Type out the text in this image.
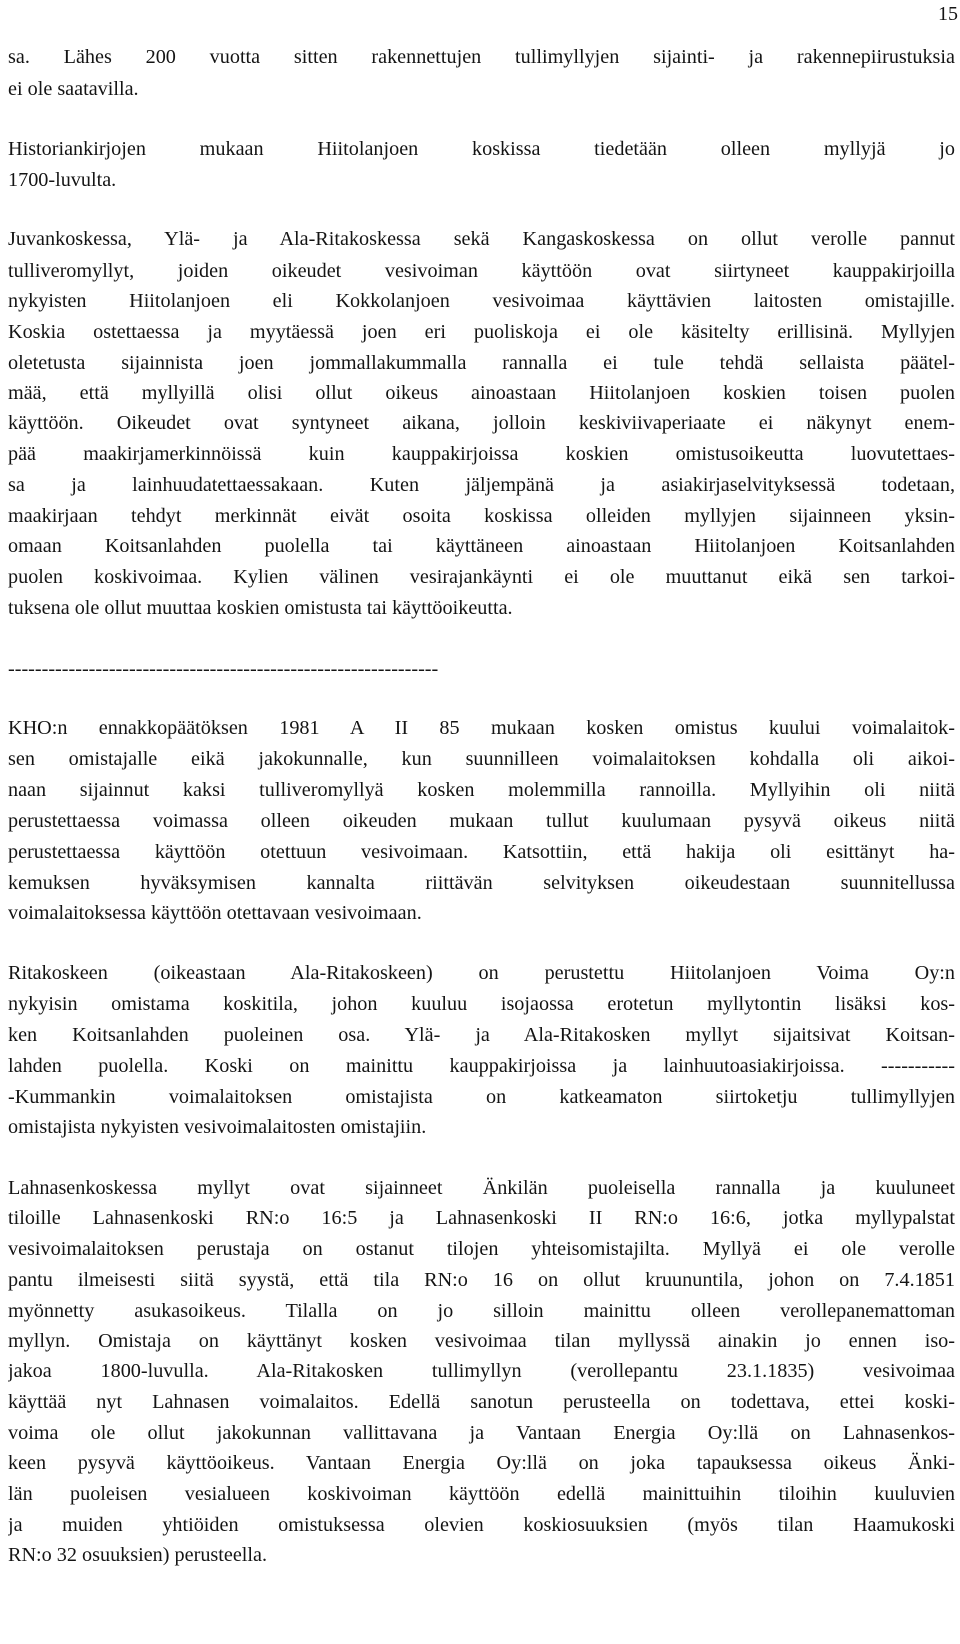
15
sa. Lähes 200 vuotta sitten rakennettujen tullimyllyjen sijainti- ja rakennepiirustuksia
ei ole saatavilla.
Historiankirjojen mukaan Hiitolanjoen koskissa tiedetään olleen myllyjä jo
1700-luvulta.
Juvankoskessa, Ylä- ja Ala-Ritakoskessa sekä Kangaskoskessa on ollut verolle pannut
tulliveromyllyt, joiden oikeudet vesivoiman käyttöön ovat siirtyneet kauppakirjoilla
nykyisten Hiitolanjoen eli Kokkolanjoen vesivoimaa käyttävien laitosten omistajille.
Koskia ostettaessa ja myytäessä joen eri puoliskoja ei ole käsitelty erillisinä. Myllyjen
oletetusta sijainnista joen jommallakummalla rannalla ei tule tehdä sellaista päätel-
mää, että myllyillä olisi ollut oikeus ainoastaan Hiitolanjoen koskien toisen puolen
käyttöön. Oikeudet ovat syntyneet aikana, jolloin keskiviivaperiaate ei näkynyt enem-
pää maakirjamerkinnöissä kuin kauppakirjoissa koskien omistusoikeutta luovutettaes-
sa ja lainhuudatettaessakaan. Kuten jäljempänä ja asiakirjaselvityksessä todetaan,
maakirjaan tehdyt merkinnät eivät osoita koskissa olleiden myllyjen sijainneen yksin-
omaan Koitsanlahden puolella tai käyttäneen ainoastaan Hiitolanjoen Koitsanlahden
puolen koskivoimaa. Kylien välinen vesirajankäynti ei ole muuttanut eikä sen tarkoi-
tuksena ole ollut muuttaa koskien omistusta tai käyttöoikeutta.
----------------------------------------------------------------
KHO:n ennakkopäätöksen 1981 A II 85 mukaan kosken omistus kuului voimalaitok-
sen omistajalle eikä jakokunnalle, kun suunnilleen voimalaitoksen kohdalla oli aikoi-
naan sijainnut kaksi tulliveromyllyä kosken molemmilla rannoilla. Myllyihin oli niitä
perustettaessa voimassa olleen oikeuden mukaan tullut kuulumaan pysyvä oikeus niitä
perustettaessa käyttöön otettuun vesivoimaan. Katsottiin, että hakija oli esittänyt ha-
kemuksen hyväksymisen kannalta riittävän selvityksen oikeudestaan suunnitellussa
voimalaitoksessa käyttöön otettavaan vesivoimaan.
Ritakoskeen (oikeastaan Ala-Ritakoskeen) on perustettu Hiitolanjoen Voima Oy:n
nykyisin omistama koskitila, johon kuuluu isojaossa erotetun myllytontin lisäksi kos-
ken Koitsanlahden puoleinen osa. Ylä- ja Ala-Ritakosken myllyt sijaitsivat Koitsan-
lahden puolella. Koski on mainittu kauppakirjoissa ja lainhuutoasiakirjoissa. -----------
-Kummankin voimalaitoksen omistajista on katkeamaton siirtoketju tullimyllyjen
omistajista nykyisten vesivoimalaitosten omistajiin.
Lahnasenkoskessa myllyt ovat sijainneet Änkilän puoleisella rannalla ja kuuluneet
tiloille Lahnasenkoski RN:o 16:5 ja Lahnasenkoski II RN:o 16:6, jotka myllypalstat
vesivoimalaitoksen perustaja on ostanut tilojen yhteisomistajilta. Myllyä ei ole verolle
pantu ilmeisesti siitä syystä, että tila RN:o 16 on ollut kruununtila, johon on 7.4.1851
myönnetty asukasoikeus. Tilalla on jo silloin mainittu olleen verollepanemattoman
myllyn. Omistaja on käyttänyt kosken vesivoimaa tilan myllyssä ainakin jo ennen iso-
jakoa 1800-luvulla. Ala-Ritakosken tullimyllyn (verollepantu 23.1.1835) vesivoimaa
käyttää nyt Lahnasen voimalaitos. Edellä sanotun perusteella on todettava, ettei koski-
voima ole ollut jakokunnan vallittavana ja Vantaan Energia Oy:llä on Lahnasenkos-
keen pysyvä käyttöoikeus. Vantaan Energia Oy:llä on joka tapauksessa oikeus Änki-
län puoleisen vesialueen koskivoiman käyttöön edellä mainittuihin tiloihin kuuluvien
ja muiden yhtiöiden omistuksessa olevien koskiosuuksien (myös tilan Haamukoski
RN:o 32 osuuksien) perusteella.
